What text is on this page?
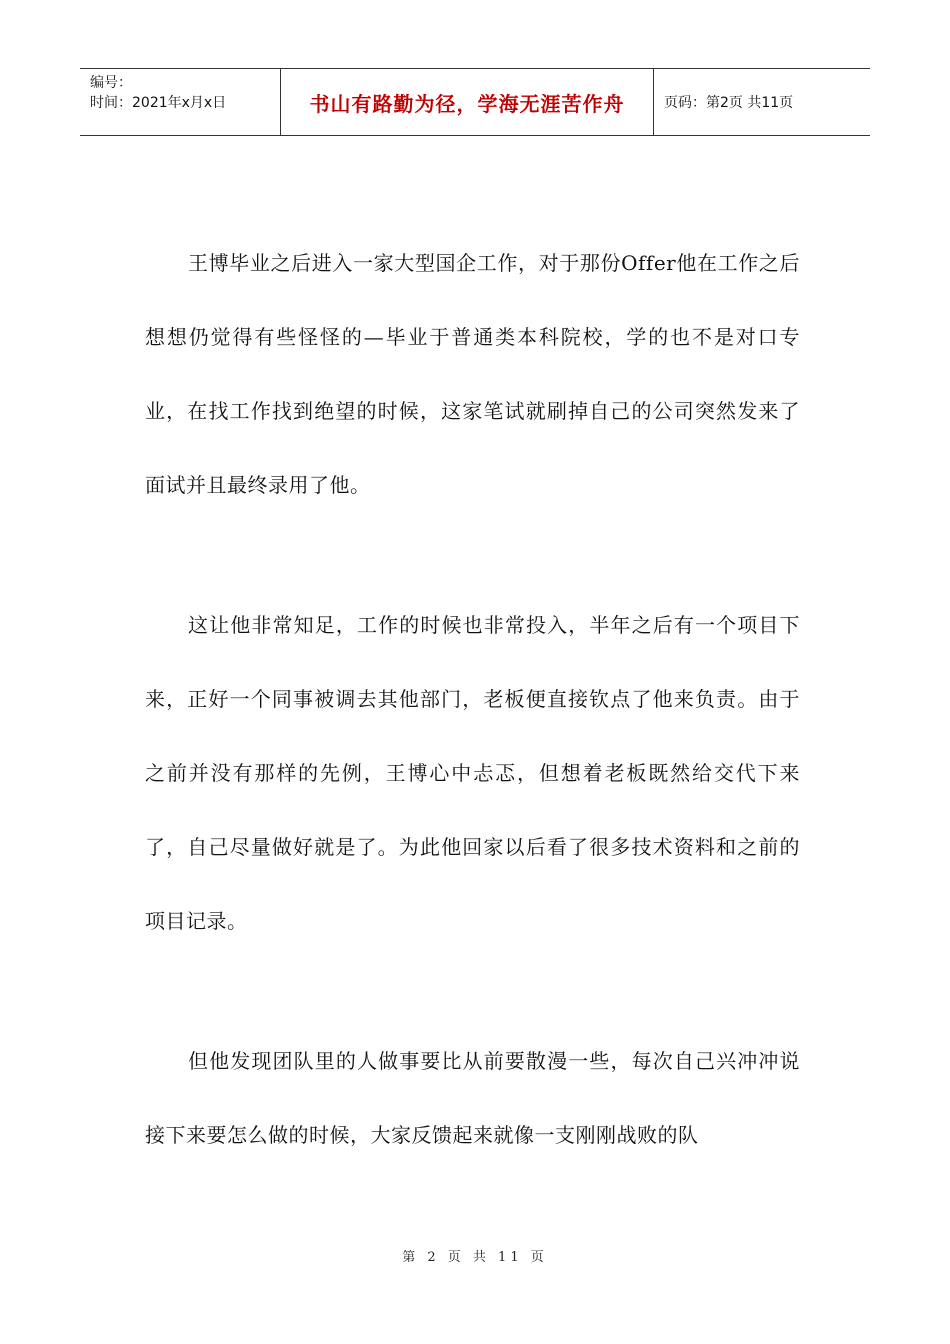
编号：
时间：2021年x月x日	书山有路勤为径，学海无涯苦作舟	页码：第2页 共11页

王博毕业之后进入一家大型国企工作，对于那份Offer他在工作之后想想仍觉得有些怪怪的—毕业于普通类本科院校，学的也不是对口专业，在找工作找到绝望的时候，这家笔试就刷掉自己的公司突然发来了面试并且最终录用了他。

这让他非常知足，工作的时候也非常投入，半年之后有一个项目下来，正好一个同事被调去其他部门，老板便直接钦点了他来负责。由于之前并没有那样的先例，王博心中忐忑，但想着老板既然给交代下来了，自己尽量做好就是了。为此他回家以后看了很多技术资料和之前的项目记录。

但他发现团队里的人做事要比从前要散漫一些，每次自己兴冲冲说接下来要怎么做的时候，大家反馈起来就像一支刚刚战败的队

第 2 页 共 11 页
